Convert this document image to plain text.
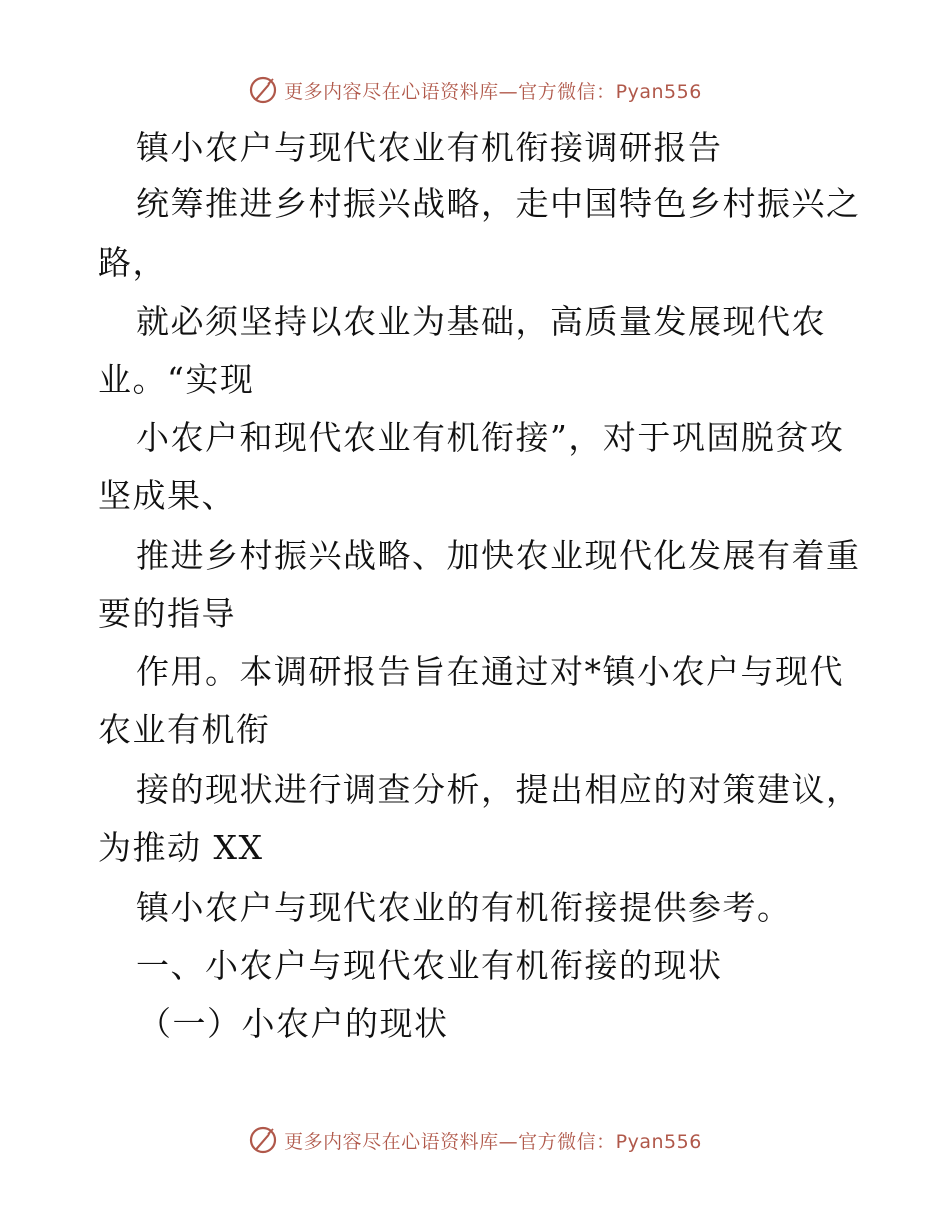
更多内容尽在心语资料库—官方微信：Pyan556
镇小农户与现代农业有机衔接调研报告
统筹推进乡村振兴战略，走中国特色乡村振兴之
路，
就必须坚持以农业为基础，高质量发展现代农
业。“实现
小农户和现代农业有机衔接”，对于巩固脱贫攻
坚成果、
推进乡村振兴战略、加快农业现代化发展有着重
要的指导
作用。本调研报告旨在通过对*镇小农户与现代
农业有机衔
接的现状进行调查分析，提出相应的对策建议，
为推动 XX
镇小农户与现代农业的有机衔接提供参考。
一、小农户与现代农业有机衔接的现状
（一）小农户的现状
更多内容尽在心语资料库—官方微信：Pyan556
